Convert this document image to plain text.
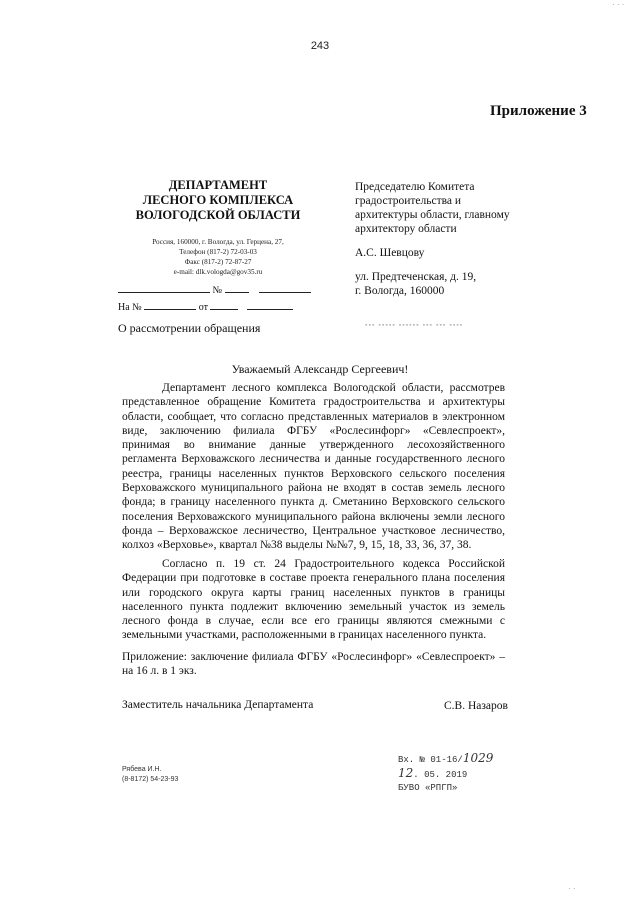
· · ·
243
Приложение 3
ДЕПАРТАМЕНТ
ЛЕСНОГО КОМПЛЕКСА
ВОЛОГОДСКОЙ ОБЛАСТИ
Россия, 160000, г. Вологда, ул. Герцена, 27,
Телефон (817-2) 72-03-03
Факс (817-2) 72-87-27
e-mail: dlk.vologda@gov35.ru
№
На №	от
О рассмотрении обращения
Председателю Комитета
градостроительства и
архитектуры области, главному
архитектору области
А.С. Шевцову
ул. Предтеченская, д. 19,
г. Вологда, 160000
▪▪▪ ▪▪▪▪▪ ▪▪▪▪▪▪ ▪▪▪ ▪▪▪ ▪▪▪▪
Уважаемый Александр Сергеевич!
Департамент лесного комплекса Вологодской области, рассмотрев представленное обращение Комитета градостроительства и архитектуры области, сообщает, что согласно представленных материалов в электронном виде, заключению филиала ФГБУ «Рослесинфорг» «Севлеспроект», принимая во внимание данные утвержденного лесохозяйственного регламента Верховажского лесничества и данные государственного лесного реестра, границы населенных пунктов Верховского сельского поселения Верховажского муниципального района не входят в состав земель лесного фонда; в границу населенного пункта д. Сметанино Верховского сельского поселения Верховажского муниципального района включены земли лесного фонда – Верховажское лесничество, Центральное участковое лесничество, колхоз «Верховье», квартал №38 выделы №№7, 9, 15, 18, 33, 36, 37, 38.
Согласно п. 19 ст. 24 Градостроительного кодекса Российской Федерации при подготовке в составе проекта генерального плана поселения или городского округа карты границ населенных пунктов в границы населенного пункта подлежит включению земельный участок из земель лесного фонда в случае, если все его границы являются смежными с земельными участками, расположенными в границах населенного пункта.
Приложение: заключение филиала ФГБУ «Рослесинфорг» «Севлеспроект» – на 16 л. в 1 экз.
Заместитель начальника Департамента	С.В. Назаров
Рябева И.Н.
(8-8172) 54-23-93
Вх. № 01-16/1029
12. 05. 2019
БУВО «РПГП»
· ·
